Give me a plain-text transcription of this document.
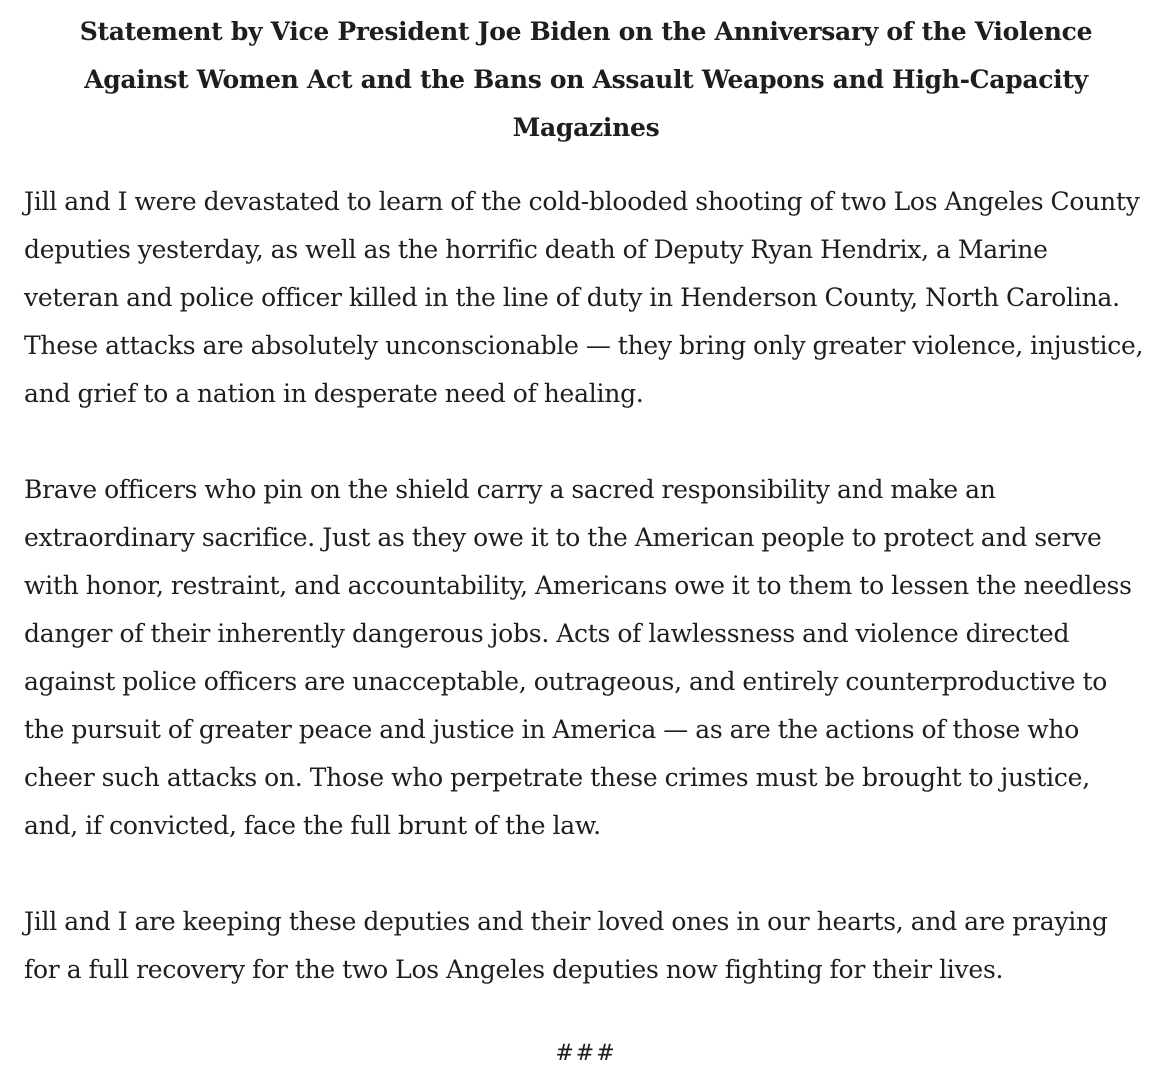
Statement by Vice President Joe Biden on the Anniversary of the Violence Against Women Act and the Bans on Assault Weapons and High-Capacity Magazines

Jill and I were devastated to learn of the cold-blooded shooting of two Los Angeles County deputies yesterday, as well as the horrific death of Deputy Ryan Hendrix, a Marine veteran and police officer killed in the line of duty in Henderson County, North Carolina. These attacks are absolutely unconscionable — they bring only greater violence, injustice, and grief to a nation in desperate need of healing.

Brave officers who pin on the shield carry a sacred responsibility and make an extraordinary sacrifice. Just as they owe it to the American people to protect and serve with honor, restraint, and accountability, Americans owe it to them to lessen the needless danger of their inherently dangerous jobs. Acts of lawlessness and violence directed against police officers are unacceptable, outrageous, and entirely counterproductive to the pursuit of greater peace and justice in America — as are the actions of those who cheer such attacks on. Those who perpetrate these crimes must be brought to justice, and, if convicted, face the full brunt of the law.

Jill and I are keeping these deputies and their loved ones in our hearts, and are praying for a full recovery for the two Los Angeles deputies now fighting for their lives.

###
